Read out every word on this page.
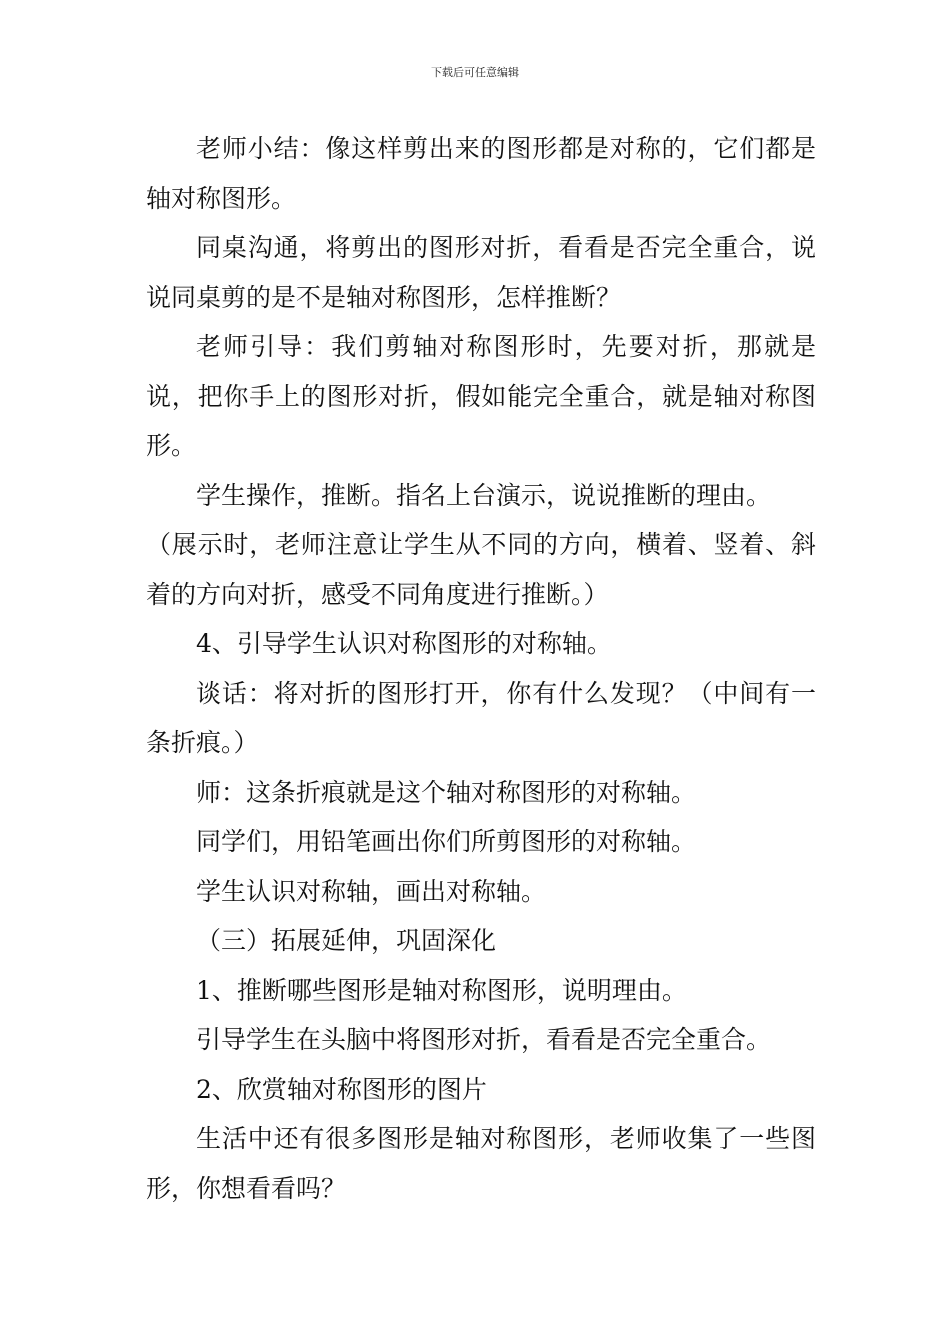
下载后可任意编辑

老师小结：像这样剪出来的图形都是对称的，它们都是轴对称图形。

同桌沟通，将剪出的图形对折，看看是否完全重合，说说同桌剪的是不是轴对称图形，怎样推断？

老师引导：我们剪轴对称图形时，先要对折，那就是说，把你手上的图形对折，假如能完全重合，就是轴对称图形。

学生操作，推断。指名上台演示，说说推断的理由。

（展示时，老师注意让学生从不同的方向，横着、竖着、斜着的方向对折，感受不同角度进行推断。）

4、引导学生认识对称图形的对称轴。

谈话：将对折的图形打开，你有什么发现？（中间有一条折痕。）

师：这条折痕就是这个轴对称图形的对称轴。

同学们，用铅笔画出你们所剪图形的对称轴。

学生认识对称轴，画出对称轴。

（三）拓展延伸，巩固深化

1、推断哪些图形是轴对称图形，说明理由。

引导学生在头脑中将图形对折，看看是否完全重合。

2、欣赏轴对称图形的图片

生活中还有很多图形是轴对称图形，老师收集了一些图形，你想看看吗？
